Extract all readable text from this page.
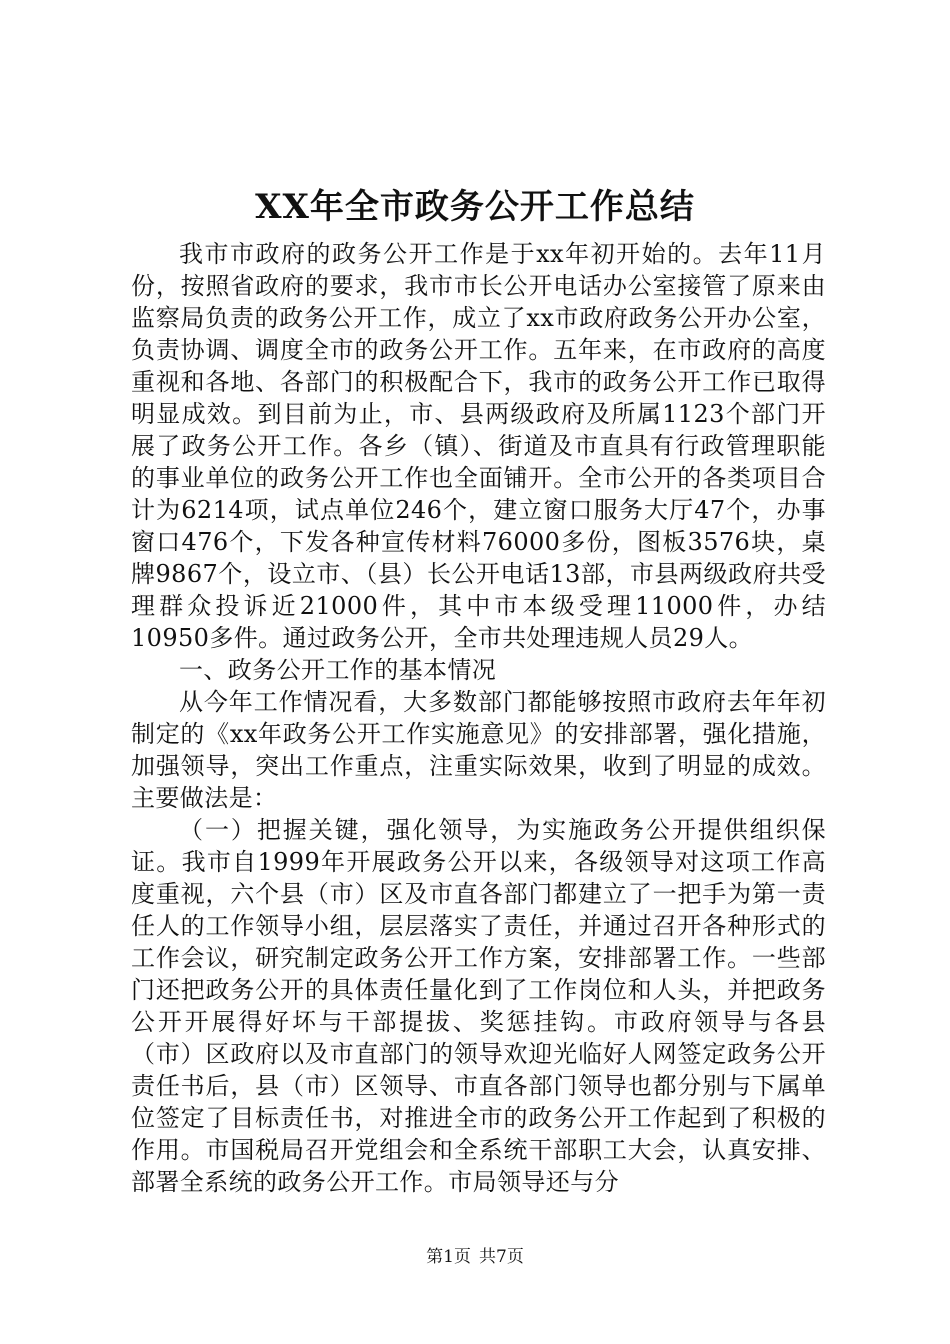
XX年全市政务公开工作总结

我市市政府的政务公开工作是于xx年初开始的。去年11月份，按照省政府的要求，我市市长公开电话办公室接管了原来由监察局负责的政务公开工作，成立了xx市政府政务公开办公室，负责协调、调度全市的政务公开工作。五年来，在市政府的高度重视和各地、各部门的积极配合下，我市的政务公开工作已取得明显成效。到目前为止，市、县两级政府及所属1123个部门开展了政务公开工作。各乡（镇）、街道及市直具有行政管理职能的事业单位的政务公开工作也全面铺开。全市公开的各类项目合计为6214项，试点单位246个，建立窗口服务大厅47个，办事窗口476个，下发各种宣传材料76000多份，图板3576块，桌牌9867个，设立市、（县）长公开电话13部，市县两级政府共受理群众投诉近21000件，其中市本级受理11000件，办结10950多件。通过政务公开，全市共处理违规人员29人。

一、政务公开工作的基本情况

从今年工作情况看，大多数部门都能够按照市政府去年年初制定的《xx年政务公开工作实施意见》的安排部署，强化措施，加强领导，突出工作重点，注重实际效果，收到了明显的成效。主要做法是：

（一）把握关键，强化领导，为实施政务公开提供组织保证。我市自1999年开展政务公开以来，各级领导对这项工作高度重视，六个县（市）区及市直各部门都建立了一把手为第一责任人的工作领导小组，层层落实了责任，并通过召开各种形式的工作会议，研究制定政务公开工作方案，安排部署工作。一些部门还把政务公开的具体责任量化到了工作岗位和人头，并把政务公开开展得好坏与干部提拔、奖惩挂钩。市政府领导与各县（市）区政府以及市直部门的领导欢迎光临好人网签定政务公开责任书后，县（市）区领导、市直各部门领导也都分别与下属单位签定了目标责任书，对推进全市的政务公开工作起到了积极的作用。市国税局召开党组会和全系统干部职工大会，认真安排、部署全系统的政务公开工作。市局领导还与分

第1页 共7页
